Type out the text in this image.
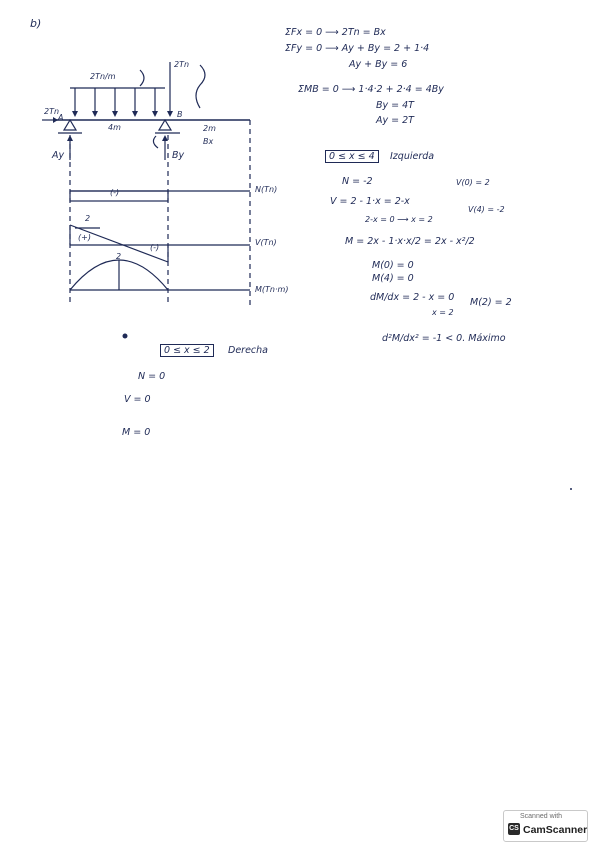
b)
2Tn/m
2Tn
2Tn
A	B
4m	2m
Bx
Ay	By
N(Tn)
(-)
V(Tn)
(+)
(-)
2
M(Tn·m)
2
ΣFx = 0 ⟶ 2Tn = Bx
ΣFy = 0 ⟶ Ay + By = 2 + 1·4
Ay + By = 6
ΣMB = 0 ⟶ 1·4·2 + 2·4 = 4By
By = 4T
Ay = 2T
0 ≤ x ≤ 4	Izquierda
N = -2	V(0) = 2
V = 2 - 1·x = 2-x
V(4) = -2
2-x = 0 ⟶ x = 2
M = 2x - 1·x·x/2 = 2x - x²/2
M(0) = 0
M(4) = 0
dM/dx = 2 - x = 0
x = 2
M(2) = 2
d²M/dx² = -1 < 0. Máximo
0 ≤ x ≤ 2	Derecha
N = 0
V = 0
M = 0
Scanned with
CS CamScanner
